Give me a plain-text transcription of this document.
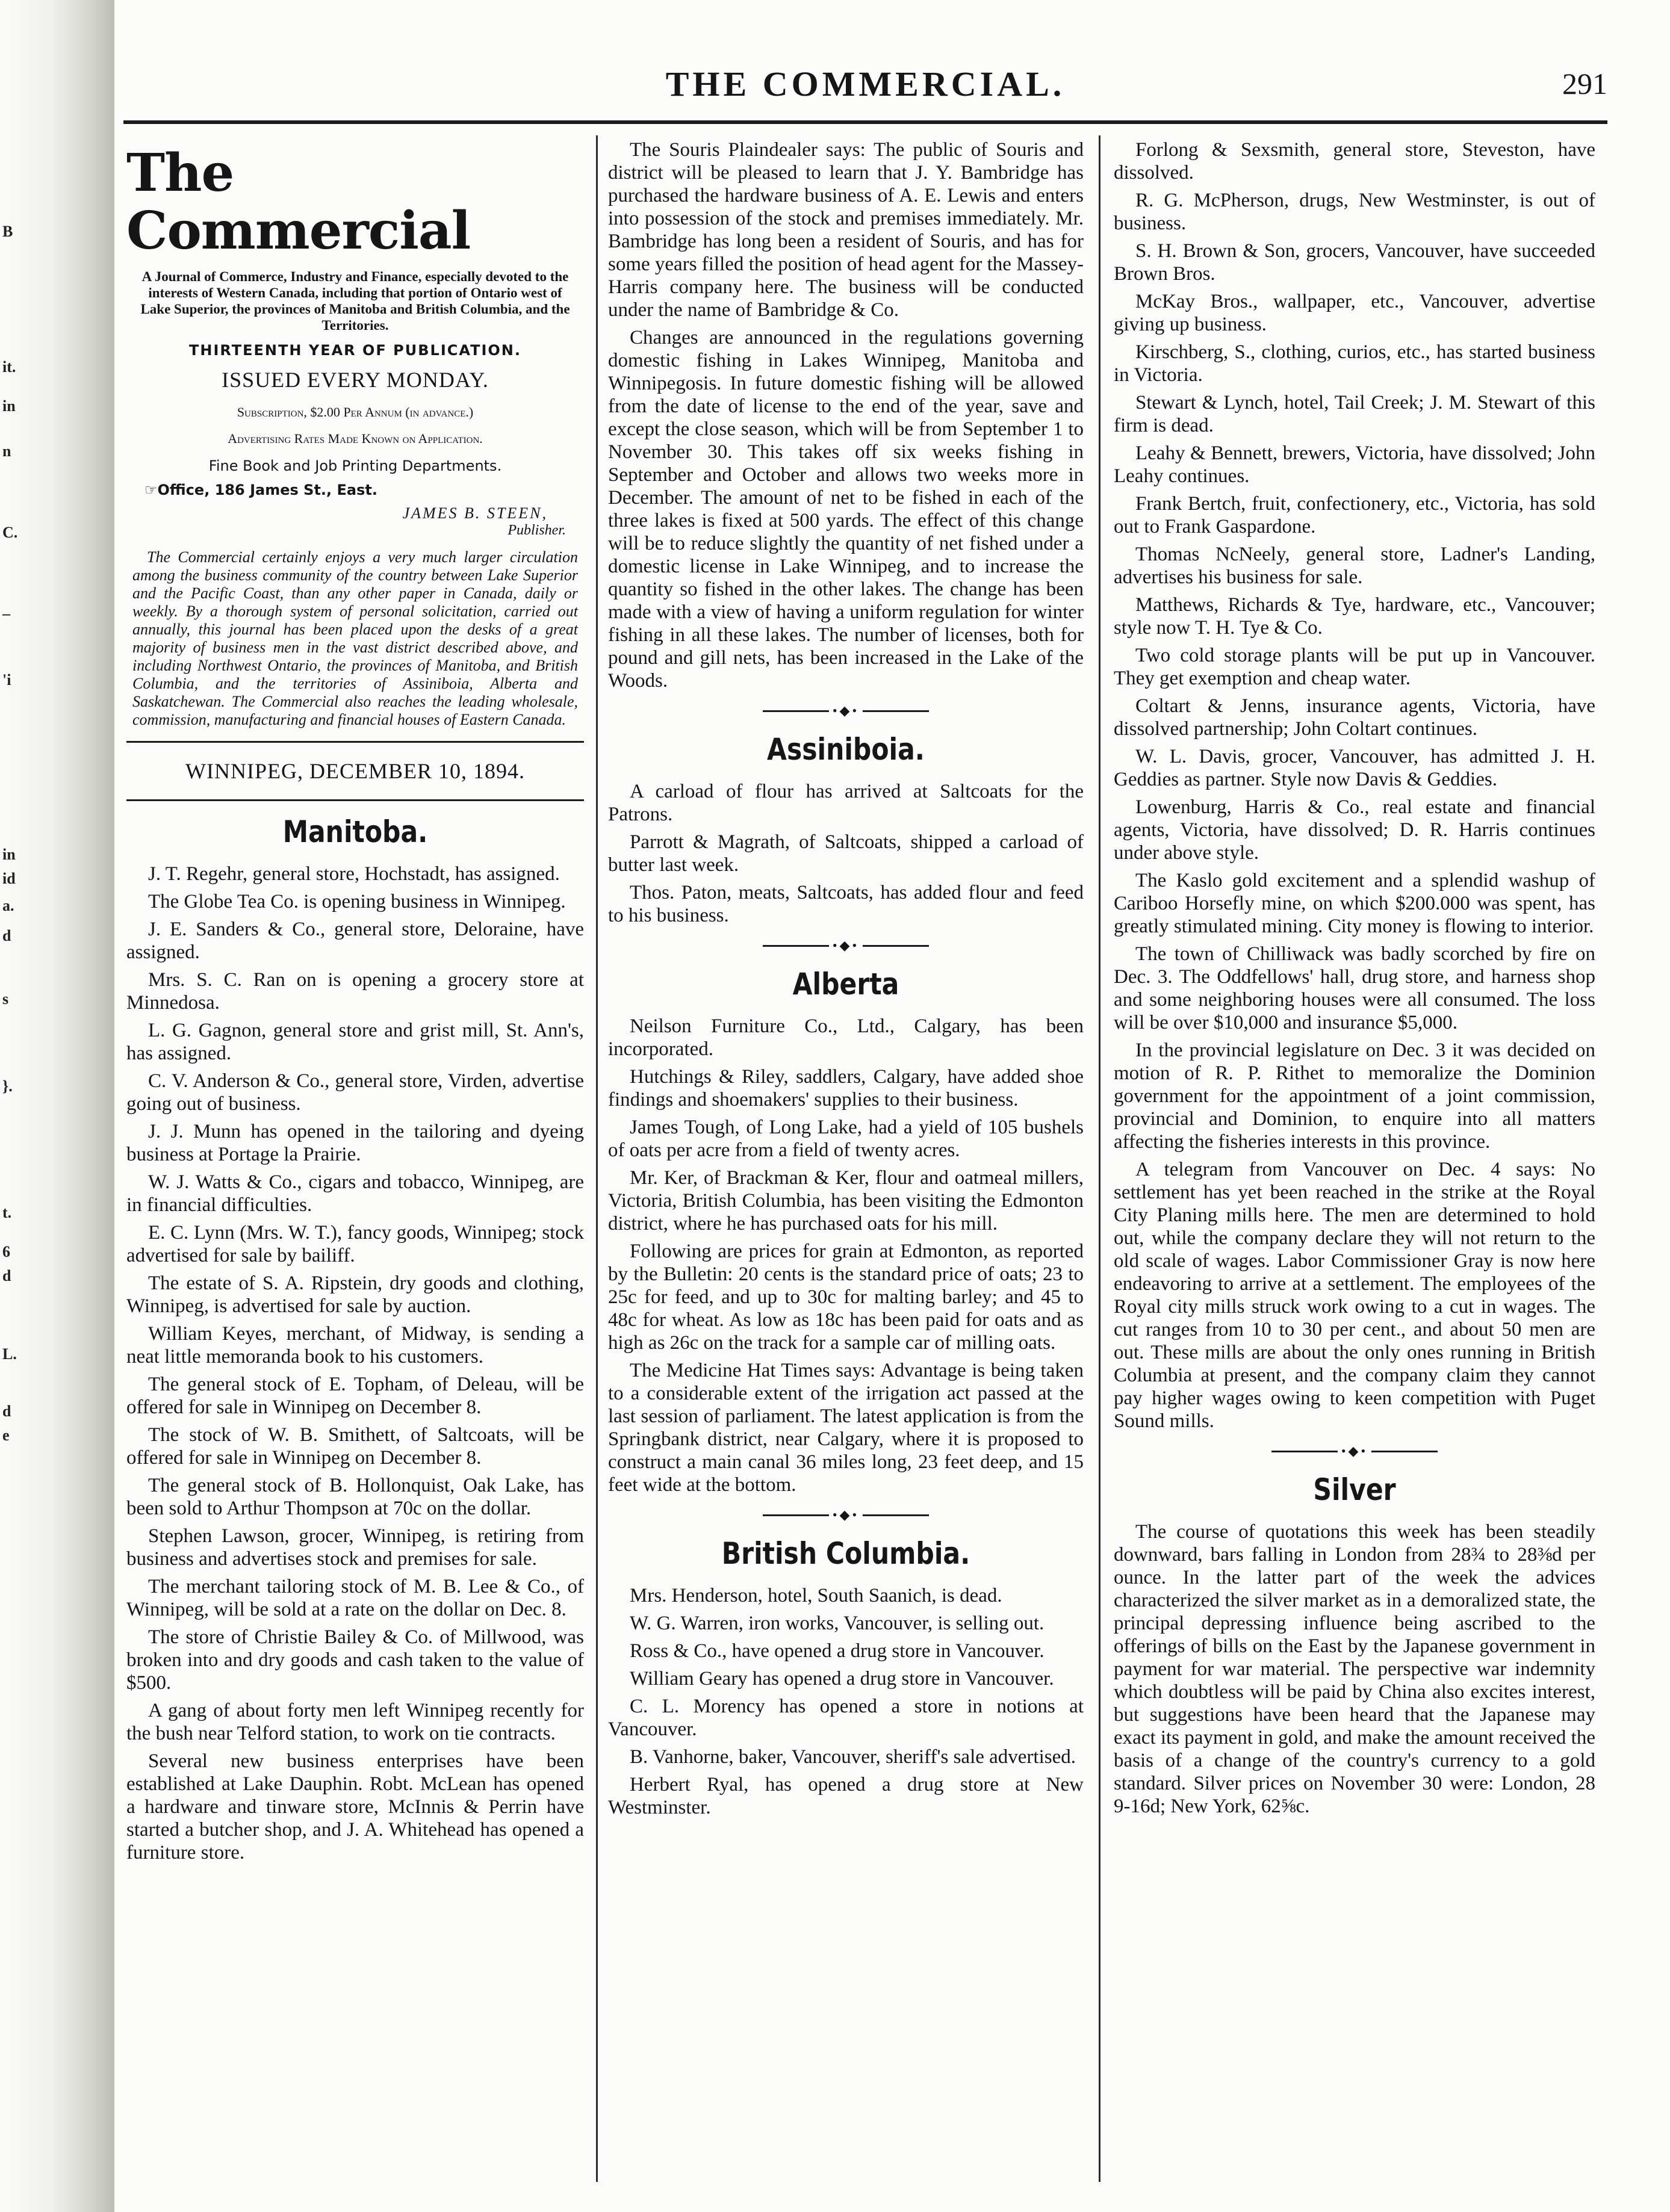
B
it.
in
n
C.
–
'i
in
id
a.
d
s
}.
t.
6
d
L.
d
e
THE COMMERCIAL.	291
The Commercial
A Journal of Commerce, Industry and Finance, especially devoted to the interests of Western Canada, including that portion of Ontario west of Lake Superior, the provinces of Manitoba and British Columbia, and the Territories.
THIRTEENTH YEAR OF PUBLICATION.
ISSUED EVERY MONDAY.
Subscription, $2.00 Per Annum (in advance.)
Advertising Rates Made Known on Application.
Fine Book and Job Printing Departments.
☞Office, 186 James St., East.
JAMES B. STEEN,
Publisher.
The Commercial certainly enjoys a very much larger circulation among the business community of the country between Lake Superior and the Pacific Coast, than any other paper in Canada, daily or weekly. By a thorough system of personal solicitation, carried out annually, this journal has been placed upon the desks of a great majority of business men in the vast district described above, and including Northwest Ontario, the provinces of Manitoba, and British Columbia, and the territories of Assiniboia, Alberta and Saskatchewan. The Commercial also reaches the leading wholesale, commission, manufacturing and financial houses of Eastern Canada.
WINNIPEG, DECEMBER 10, 1894.
Manitoba.

J. T. Regehr, general store, Hochstadt, has assigned.

The Globe Tea Co. is opening business in Winnipeg.

J. E. Sanders & Co., general store, Deloraine, have assigned.

Mrs. S. C. Ran on is opening a grocery store at Minnedosa.

L. G. Gagnon, general store and grist mill, St. Ann's, has assigned.

C. V. Anderson & Co., general store, Virden, advertise going out of business.

J. J. Munn has opened in the tailoring and dyeing business at Portage la Prairie.

W. J. Watts & Co., cigars and tobacco, Winnipeg, are in financial difficulties.

E. C. Lynn (Mrs. W. T.), fancy goods, Winnipeg; stock advertised for sale by bailiff.

The estate of S. A. Ripstein, dry goods and clothing, Winnipeg, is advertised for sale by auction.

William Keyes, merchant, of Midway, is sending a neat little memoranda book to his customers.

The general stock of E. Topham, of Deleau, will be offered for sale in Winnipeg on December 8.

The stock of W. B. Smithett, of Saltcoats, will be offered for sale in Winnipeg on December 8.

The general stock of B. Hollonquist, Oak Lake, has been sold to Arthur Thompson at 70c on the dollar.

Stephen Lawson, grocer, Winnipeg, is retiring from business and advertises stock and premises for sale.

The merchant tailoring stock of M. B. Lee & Co., of Winnipeg, will be sold at a rate on the dollar on Dec. 8.

The store of Christie Bailey & Co. of Millwood, was broken into and dry goods and cash taken to the value of $500.

A gang of about forty men left Winnipeg recently for the bush near Telford station, to work on tie contracts.

Several new business enterprises have been established at Lake Dauphin. Robt. McLean has opened a hardware and tinware store, McInnis & Perrin have started a butcher shop, and J. A. Whitehead has opened a furniture store.

The Souris Plaindealer says: The public of Souris and district will be pleased to learn that J. Y. Bambridge has purchased the hardware business of A. E. Lewis and enters into possession of the stock and premises immediately. Mr. Bambridge has long been a resident of Souris, and has for some years filled the position of head agent for the Massey-Harris company here. The business will be conducted under the name of Bambridge & Co.

Changes are announced in the regulations governing domestic fishing in Lakes Winnipeg, Manitoba and Winnipegosis. In future domestic fishing will be allowed from the date of license to the end of the year, save and except the close season, which will be from September 1 to November 30. This takes off six weeks fishing in September and October and allows two weeks more in December. The amount of net to be fished in each of the three lakes is fixed at 500 yards. The effect of this change will be to reduce slightly the quantity of net fished under a domestic license in Lake Winnipeg, and to increase the quantity so fished in the other lakes. The change has been made with a view of having a uniform regulation for winter fishing in all these lakes. The number of licenses, both for pound and gill nets, has been increased in the Lake of the Woods.

•◆•
Assiniboia.

A carload of flour has arrived at Saltcoats for the Patrons.

Parrott & Magrath, of Saltcoats, shipped a carload of butter last week.

Thos. Paton, meats, Saltcoats, has added flour and feed to his business.

•◆•
Alberta

Neilson Furniture Co., Ltd., Calgary, has been incorporated.

Hutchings & Riley, saddlers, Calgary, have added shoe findings and shoemakers' supplies to their business.

James Tough, of Long Lake, had a yield of 105 bushels of oats per acre from a field of twenty acres.

Mr. Ker, of Brackman & Ker, flour and oatmeal millers, Victoria, British Columbia, has been visiting the Edmonton district, where he has purchased oats for his mill.

Following are prices for grain at Edmonton, as reported by the Bulletin: 20 cents is the standard price of oats; 23 to 25c for feed, and up to 30c for malting barley; and 45 to 48c for wheat. As low as 18c has been paid for oats and as high as 26c on the track for a sample car of milling oats.

The Medicine Hat Times says: Advantage is being taken to a considerable extent of the irrigation act passed at the last session of parliament. The latest application is from the Springbank district, near Calgary, where it is proposed to construct a main canal 36 miles long, 23 feet deep, and 15 feet wide at the bottom.

•◆•
British Columbia.

Mrs. Henderson, hotel, South Saanich, is dead.

W. G. Warren, iron works, Vancouver, is selling out.

Ross & Co., have opened a drug store in Vancouver.

William Geary has opened a drug store in Vancouver.

C. L. Morency has opened a store in notions at Vancouver.

B. Vanhorne, baker, Vancouver, sheriff's sale advertised.

Herbert Ryal, has opened a drug store at New Westminster.

Forlong & Sexsmith, general store, Steveston, have dissolved.

R. G. McPherson, drugs, New Westminster, is out of business.

S. H. Brown & Son, grocers, Vancouver, have succeeded Brown Bros.

McKay Bros., wallpaper, etc., Vancouver, advertise giving up business.

Kirschberg, S., clothing, curios, etc., has started business in Victoria.

Stewart & Lynch, hotel, Tail Creek; J. M. Stewart of this firm is dead.

Leahy & Bennett, brewers, Victoria, have dissolved; John Leahy continues.

Frank Bertch, fruit, confectionery, etc., Victoria, has sold out to Frank Gaspardone.

Thomas NcNeely, general store, Ladner's Landing, advertises his business for sale.

Matthews, Richards & Tye, hardware, etc., Vancouver; style now T. H. Tye & Co.

Two cold storage plants will be put up in Vancouver. They get exemption and cheap water.

Coltart & Jenns, insurance agents, Victoria, have dissolved partnership; John Coltart continues.

W. L. Davis, grocer, Vancouver, has admitted J. H. Geddies as partner. Style now Davis & Geddies.

Lowenburg, Harris & Co., real estate and financial agents, Victoria, have dissolved; D. R. Harris continues under above style.

The Kaslo gold excitement and a splendid washup of Cariboo Horsefly mine, on which $200.000 was spent, has greatly stimulated mining. City money is flowing to interior.

The town of Chilliwack was badly scorched by fire on Dec. 3. The Oddfellows' hall, drug store, and harness shop and some neighboring houses were all consumed. The loss will be over $10,000 and insurance $5,000.

In the provincial legislature on Dec. 3 it was decided on motion of R. P. Rithet to memoralize the Dominion government for the appointment of a joint commission, provincial and Dominion, to enquire into all matters affecting the fisheries interests in this province.

A telegram from Vancouver on Dec. 4 says: No settlement has yet been reached in the strike at the Royal City Planing mills here. The men are determined to hold out, while the company declare they will not return to the old scale of wages. Labor Commissioner Gray is now here endeavoring to arrive at a settlement. The employees of the Royal city mills struck work owing to a cut in wages. The cut ranges from 10 to 30 per cent., and about 50 men are out. These mills are about the only ones running in British Columbia at present, and the company claim they cannot pay higher wages owing to keen competition with Puget Sound mills.

•◆•
Silver

The course of quotations this week has been steadily downward, bars falling in London from 28¾ to 28⅜d per ounce. In the latter part of the week the advices characterized the silver market as in a demoralized state, the principal depressing influence being ascribed to the offerings of bills on the East by the Japanese government in payment for war material. The perspective war indemnity which doubtless will be paid by China also excites interest, but suggestions have been heard that the Japanese may exact its payment in gold, and make the amount received the basis of a change of the country's currency to a gold standard. Silver prices on November 30 were: London, 28 9-16d; New York, 62⅝c.
